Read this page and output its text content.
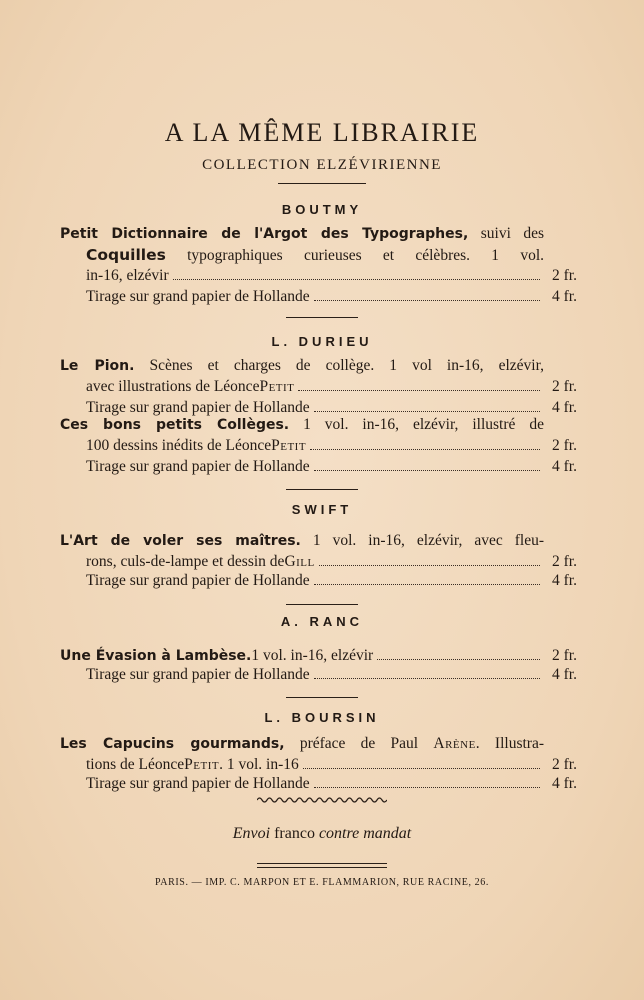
A LA MÊME LIBRAIRIE
COLLECTION ELZÉVIRIENNE
BOUTMY
Petit Dictionnaire de l'Argot des Typographes, suivi des
Coquilles typographiques curieuses et célèbres. 1 vol.
in-16, elzévir	2 fr.
Tirage sur grand papier de Hollande	4 fr.
L. DURIEU
Le Pion. Scènes et charges de collège. 1 vol in-16, elzévir,
avec illustrations de Léonce Petit	2 fr.
Tirage sur grand papier de Hollande	4 fr.
Ces bons petits Collèges. 1 vol. in-16, elzévir, illustré de
100 dessins inédits de Léonce Petit	2 fr.
Tirage sur grand papier de Hollande	4 fr.
SWIFT
L'Art de voler ses maîtres. 1 vol. in-16, elzévir, avec fleu-
rons, culs-de-lampe et dessin de Gill	2 fr.
Tirage sur grand papier de Hollande	4 fr.
A. RANC
Une Évasion à Lambèse. 1 vol. in-16, elzévir	2 fr.
Tirage sur grand papier de Hollande	4 fr.
L. BOURSIN
Les Capucins gourmands, préface de Paul Arène. Illustra-
tions de Léonce Petit . 1 vol. in-16	2 fr.
Tirage sur grand papier de Hollande	4 fr.
Envoi franco contre mandat
PARIS. — IMP. C. MARPON ET E. FLAMMARION, RUE RACINE, 26.
